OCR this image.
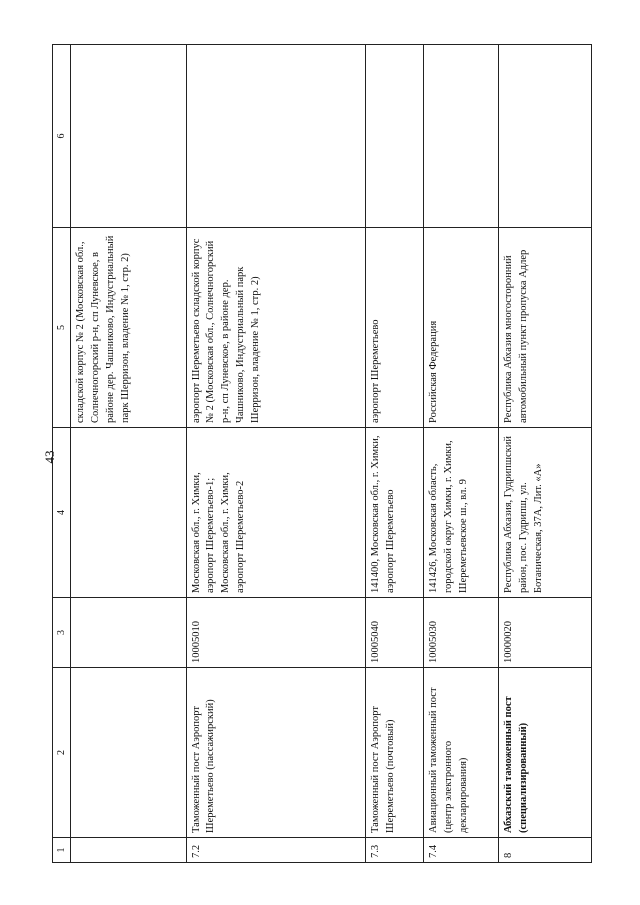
43
1	2	3	4	5	6
				складской корпус № 2 (Московская обл., Солнечногорский р-н, сп Луневское, в районе дер. Чашниково, Индустриальный парк Шерризон, владение № 1, стр. 2)	
7.2	Таможенный пост Аэропорт Шереметьево (пассажирский)	10005010	Московская обл., г. Химки, аэропорт Шереметьево-1; Московская обл., г. Химки, аэропорт Шереметьево-2	аэропорт Шереметьево складской корпус № 2 (Московская обл., Солнечногорский р-н, сп Луневское, в районе дер. Чашниково, Индустриальный парк Шерризон, владение № 1, стр. 2)	
7.3	Таможенный пост Аэропорт Шереметьево (почтовый)	10005040	141400, Московская обл., г. Химки, аэропорт Шереметьево	аэропорт Шереметьево	
7.4	Авиационный таможенный пост (центр электронного декларирования)	10005030	141426, Московская область, городской округ Химки, г. Химки, Шереметьевское ш., вл. 9	Российская Федерация	
8	Абхазский таможенный пост (специализированный)	10000020	Республика Абхазия, Гудрипшский район, пос. Гудрипш, ул. Ботаническая, 37А, Лит. «А»	Республика Абхазия многосторонний автомобильный пункт пропуска Адлер	
